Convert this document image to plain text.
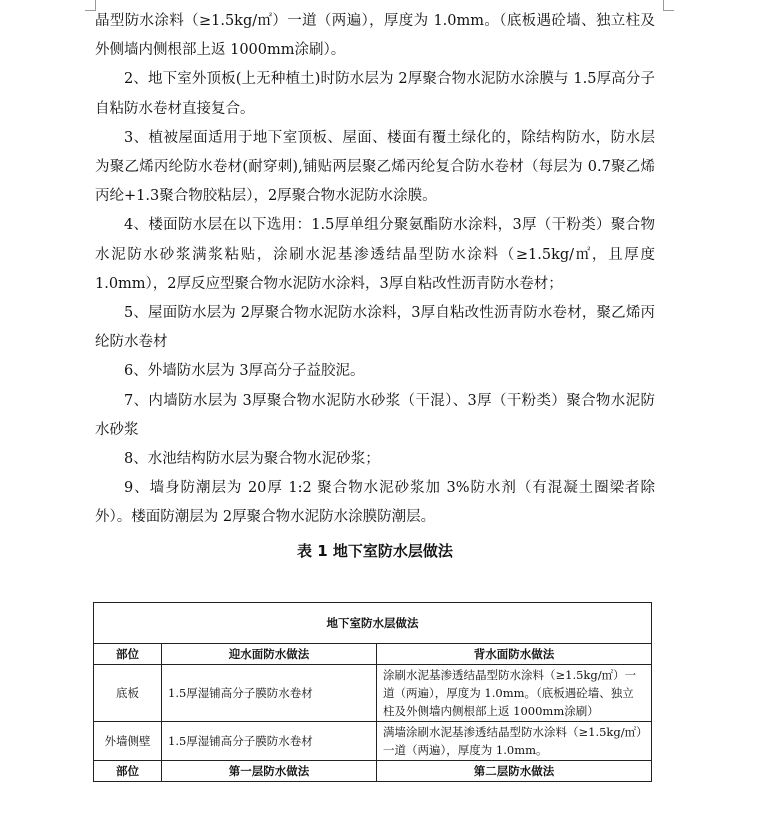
晶型防水涂料（≥1.5kg/㎡）一道（两遍），厚度为 1.0mm。（底板遇砼墙、独立柱及外侧墙内侧根部上返 1000mm涂刷）。

2、地下室外顶板(上无种植土)时防水层为 2厚聚合物水泥防水涂膜与 1.5厚高分子自粘防水卷材直接复合。

3、植被屋面适用于地下室顶板、屋面、楼面有覆土绿化的，除结构防水，防水层为聚乙烯丙纶防水卷材(耐穿刺),铺贴两层聚乙烯丙纶复合防水卷材（每层为 0.7聚乙烯丙纶+1.3聚合物胶粘层），2厚聚合物水泥防水涂膜。

4、楼面防水层在以下选用：1.5厚单组分聚氨酯防水涂料，3厚（干粉类）聚合物水泥防水砂浆满浆粘贴，涂刷水泥基渗透结晶型防水涂料（≥1.5kg/㎡，且厚度 1.0mm），2厚反应型聚合物水泥防水涂料，3厚自粘改性沥青防水卷材；

5、屋面防水层为 2厚聚合物水泥防水涂料，3厚自粘改性沥青防水卷材，聚乙烯丙纶防水卷材

6、外墙防水层为 3厚高分子益胶泥。

7、内墙防水层为 3厚聚合物水泥防水砂浆（干混）、3厚（干粉类）聚合物水泥防水砂浆

8、水池结构防水层为聚合物水泥砂浆；

9、墙身防潮层为 20厚 1:2 聚合物水泥砂浆加 3%防水剂（有混凝土圈梁者除外）。楼面防潮层为 2厚聚合物水泥防水涂膜防潮层。

表 1 地下室防水层做法
地下室防水层做法		
部位	迎水面防水做法	背水面防水做法
底板	1.5厚湿铺高分子膜防水卷材	涂刷水泥基渗透结晶型防水涂料（≥1.5kg/㎡）一道（两遍），厚度为 1.0mm。（底板遇砼墙、独立柱及外侧墙内侧根部上返 1000mm涂刷）
外墙侧壁	1.5厚湿铺高分子膜防水卷材	满墙涂刷水泥基渗透结晶型防水涂料（≥1.5kg/㎡）一道（两遍），厚度为 1.0mm。
部位	第一层防水做法	第二层防水做法
